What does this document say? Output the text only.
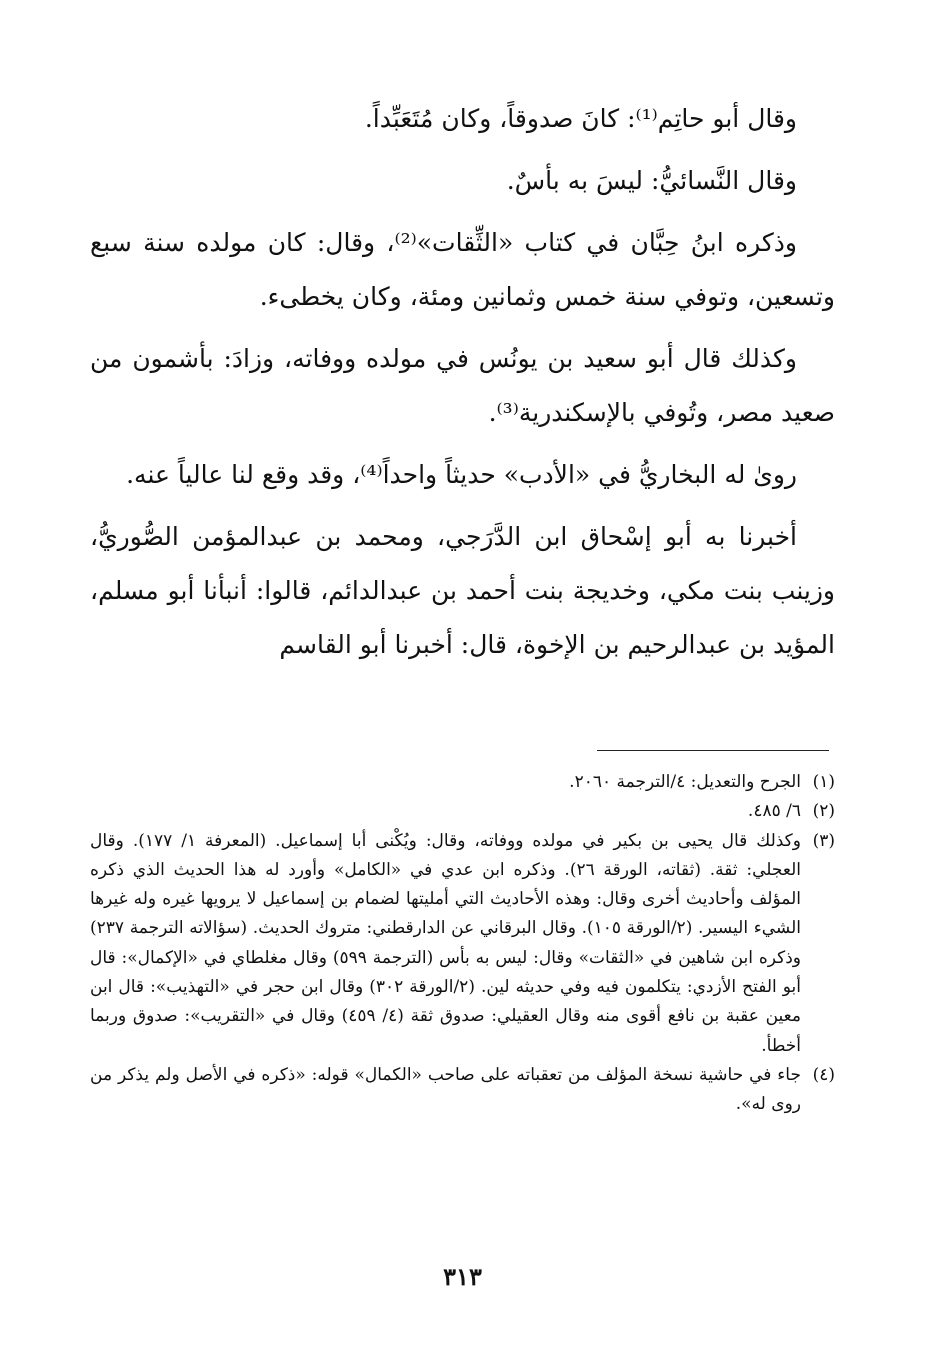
وقال أبو حاتِم⁽¹⁾: كانَ صدوقاً، وكان مُتَعَبِّداً.

وقال النَّسائيُّ: ليسَ به بأسٌ.

وذكره ابنُ حِبَّان في كتاب «الثِّقات»⁽²⁾، وقال: كان مولده سنة سبع وتسعين، وتوفي سنة خمس وثمانين ومئة، وكان يخطىء.

وكذلك قال أبو سعيد بن يونُس في مولده ووفاته، وزادَ: بأشمون من صعيد مصر، وتُوفي بالإسكندرية⁽³⁾.

روىٰ له البخاريُّ في «الأدب» حديثاً واحداً⁽⁴⁾، وقد وقع لنا عالياً عنه.

أخبرنا به أبو إسْحاق ابن الدَّرَجي، ومحمد بن عبدالمؤمن الصُّوريُّ، وزينب بنت مكي، وخديجة بنت أحمد بن عبدالدائم، قالوا: أنبأنا أبو مسلم، المؤيد بن عبدالرحيم بن الإخوة، قال: أخبرنا أبو القاسم

(١)
الجرح والتعديل: ٤/الترجمة ٢٠٦٠.

(٢)
٦/ ٤٨٥.

(٣)
وكذلك قال يحيى بن بكير في مولده ووفاته، وقال: ويُكْنى أبا إسماعيل. (المعرفة ١/ ١٧٧). وقال العجلي: ثقة. (ثقاته، الورقة ٢٦). وذكره ابن عدي في «الكامل» وأورد له هذا الحديث الذي ذكره المؤلف وأحاديث أخرى وقال: وهذه الأحاديث التي أمليتها لضمام بن إسماعيل لا يرويها غيره وله غيرها الشيء اليسير. (٢/الورقة ١٠٥). وقال البرقاني عن الدارقطني: متروك الحديث. (سؤالاته الترجمة ٢٣٧) وذكره ابن شاهين في «الثقات» وقال: ليس به بأس (الترجمة ٥٩٩) وقال مغلطاي في «الإكمال»: قال أبو الفتح الأزدي: يتكلمون فيه وفي حديثه لين. (٢/الورقة ٣٠٢) وقال ابن حجر في «التهذيب»: قال ابن معين عقبة بن نافع أقوى منه وقال العقيلي: صدوق ثقة (٤/ ٤٥٩) وقال في «التقريب»: صدوق وربما أخطأ.

(٤)
جاء في حاشية نسخة المؤلف من تعقباته على صاحب «الكمال» قوله: «ذكره في الأصل ولم يذكر من روى له».

٣١٣
